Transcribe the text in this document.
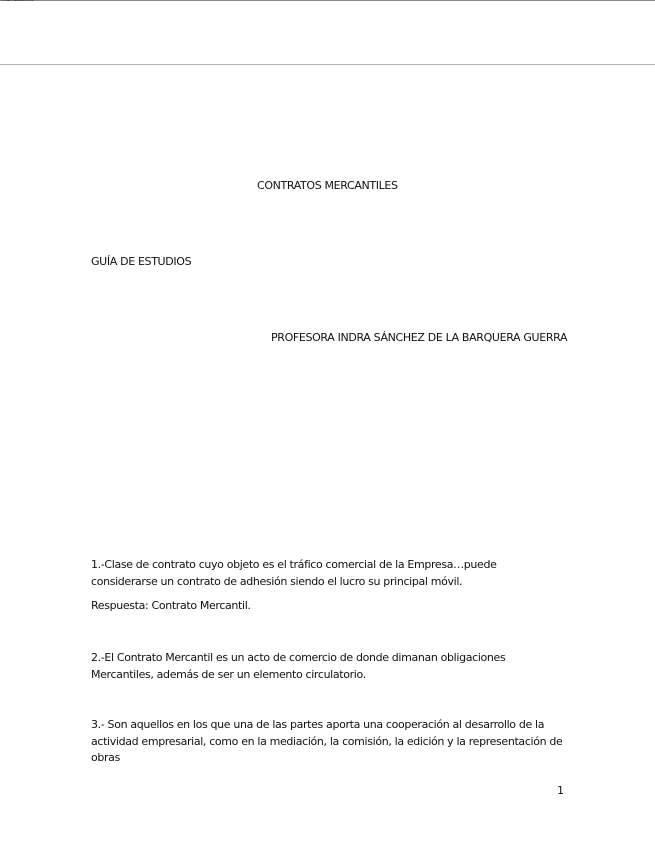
CONTRATOS MERCANTILES GUIA
CONTRATOS MERCANTILES
GUÍA DE ESTUDIOS
PROFESORA INDRA SÁNCHEZ DE LA BARQUERA GUERRA

1.-Clase de contrato cuyo objeto es el tráfico comercial de la Empresa…puede

considerarse un contrato de adhesión siendo el lucro su principal móvil.

Respuesta: Contrato Mercantil.

2.-El Contrato Mercantil es un acto de comercio de donde dimanan obligaciones

Mercantiles, además de ser un elemento circulatorio.

3.- Son aquellos en los que una de las partes aporta una cooperación al desarrollo de la

actividad empresarial, como en la mediación, la comisión, la edición y la representación de

obras

1
